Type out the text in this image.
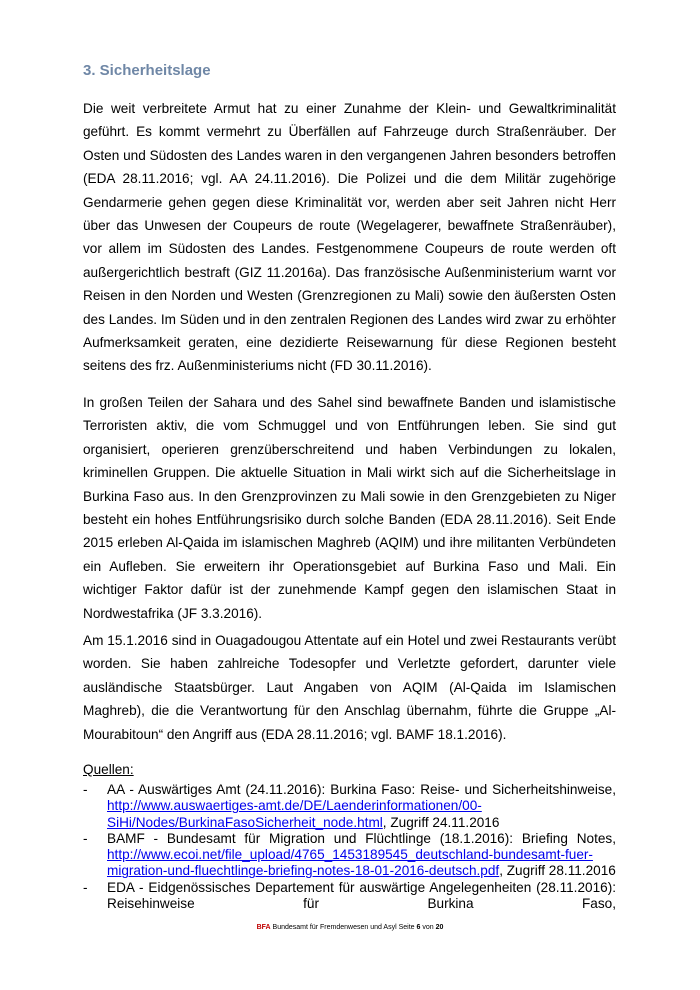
3. Sicherheitslage

Die weit verbreitete Armut hat zu einer Zunahme der Klein- und Gewaltkriminalität geführt. Es kommt vermehrt zu Überfällen auf Fahrzeuge durch Straßenräuber. Der Osten und Südosten des Landes waren in den vergangenen Jahren besonders betroffen (EDA 28.11.2016; vgl. AA 24.11.2016). Die Polizei und die dem Militär zugehörige Gendarmerie gehen gegen diese Kriminalität vor, werden aber seit Jahren nicht Herr über das Unwesen der Coupeurs de route (Wegelagerer, bewaffnete Straßenräuber), vor allem im Südosten des Landes. Festgenommene Coupeurs de route werden oft außergerichtlich bestraft (GIZ 11.2016a). Das französische Außenministerium warnt vor Reisen in den Norden und Westen (Grenzregionen zu Mali) sowie den äußersten Osten des Landes. Im Süden und in den zentralen Regionen des Landes wird zwar zu erhöhter Aufmerksamkeit geraten, eine dezidierte Reisewarnung für diese Regionen besteht seitens des frz. Außenministeriums nicht (FD 30.11.2016).

In großen Teilen der Sahara und des Sahel sind bewaffnete Banden und islamistische Terroristen aktiv, die vom Schmuggel und von Entführungen leben. Sie sind gut organisiert, operieren grenzüberschreitend und haben Verbindungen zu lokalen, kriminellen Gruppen. Die aktuelle Situation in Mali wirkt sich auf die Sicherheitslage in Burkina Faso aus. In den Grenzprovinzen zu Mali sowie in den Grenzgebieten zu Niger besteht ein hohes Entführungsrisiko durch solche Banden (EDA 28.11.2016). Seit Ende 2015 erleben Al-Qaida im islamischen Maghreb (AQIM) und ihre militanten Verbündeten ein Aufleben. Sie erweitern ihr Operationsgebiet auf Burkina Faso und Mali. Ein wichtiger Faktor dafür ist der zunehmende Kampf gegen den islamischen Staat in Nordwestafrika (JF 3.3.2016).

Am 15.1.2016 sind in Ouagadougou Attentate auf ein Hotel und zwei Restaurants verübt worden. Sie haben zahlreiche Todesopfer und Verletzte gefordert, darunter viele ausländische Staatsbürger. Laut Angaben von AQIM (Al-Qaida im Islamischen Maghreb), die die Verantwortung für den Anschlag übernahm, führte die Gruppe „Al-Mourabitoun“ den Angriff aus (EDA 28.11.2016; vgl. BAMF 18.1.2016).

Quellen:
- AA - Auswärtiges Amt (24.11.2016): Burkina Faso: Reise- und Sicherheitshinweise, http://www.auswaertiges-amt.de/DE/Laenderinformationen/00-SiHi/Nodes/BurkinaFasoSicherheit_node.html, Zugriff 24.11.2016
- BAMF - Bundesamt für Migration und Flüchtlinge (18.1.2016): Briefing Notes, http://www.ecoi.net/file_upload/4765_1453189545_deutschland-bundesamt-fuer-migration-und-fluechtlinge-briefing-notes-18-01-2016-deutsch.pdf, Zugriff 28.11.2016
- EDA - Eidgenössisches Departement für auswärtige Angelegenheiten (28.11.2016): Reisehinweise für Burkina Faso,
BFA Bundesamt für Fremdenwesen und Asyl Seite 6 von 20
